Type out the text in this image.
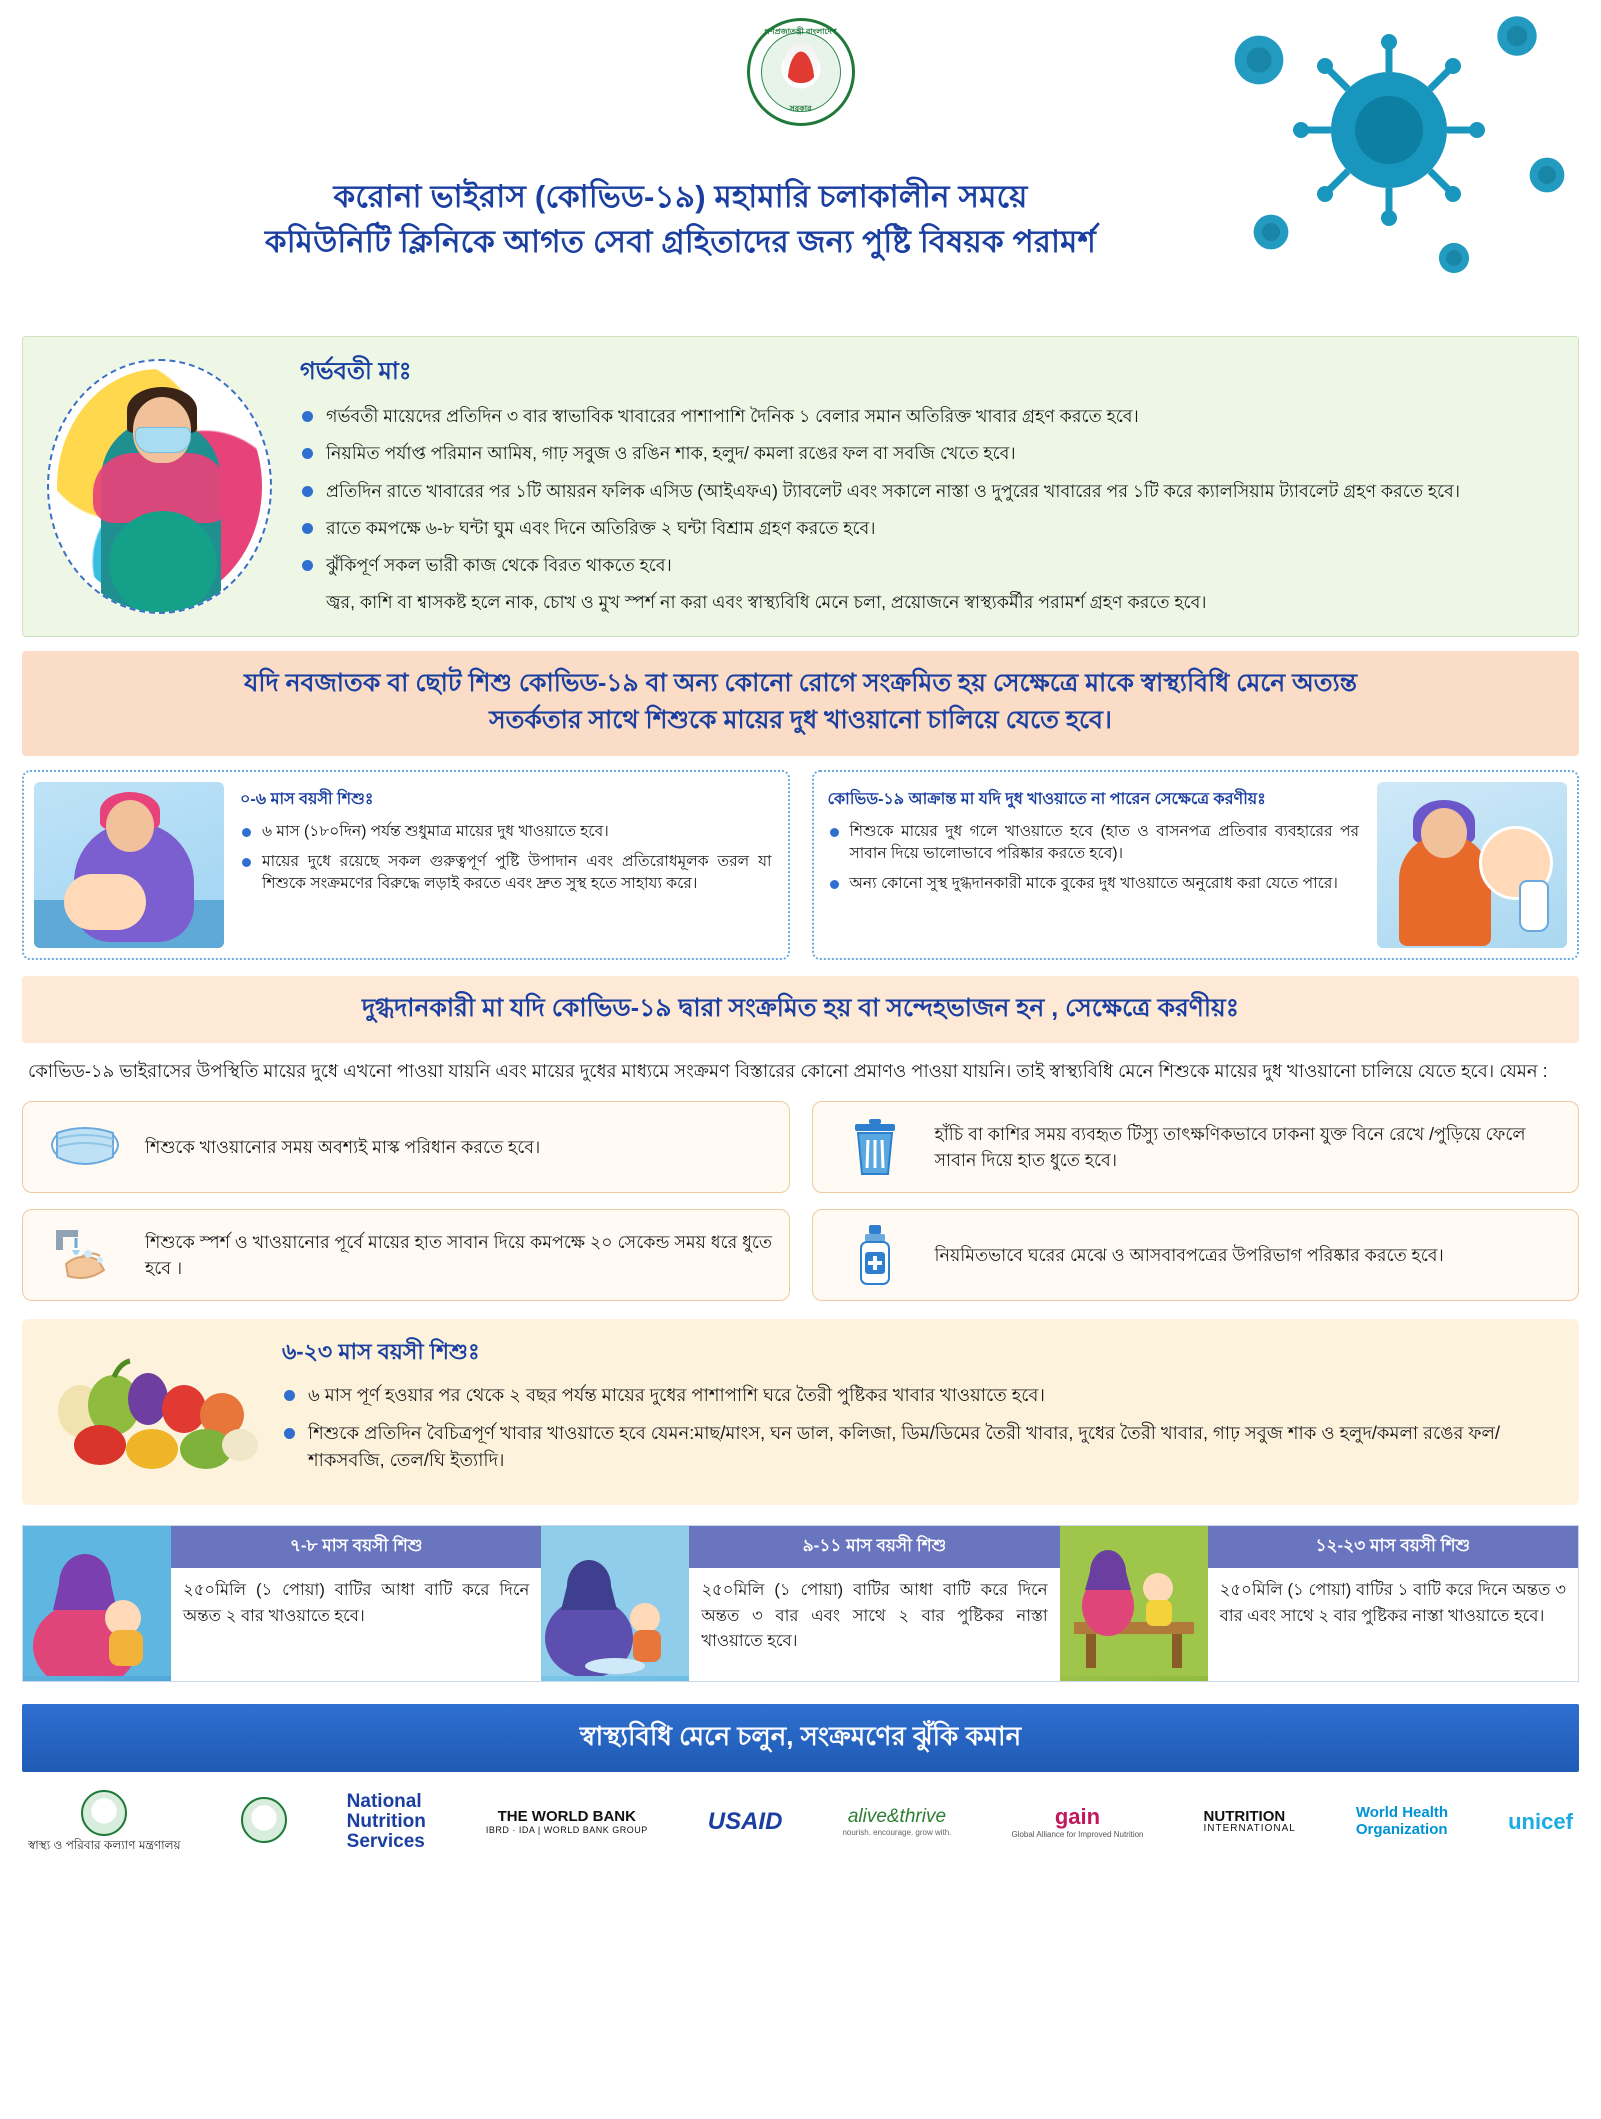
গণপ্রজাতন্ত্রী বাংলাদেশ
সরকার
করোনা ভাইরাস (কোভিড-১৯) মহামারি চলাকালীন সময়ে
কমিউনিটি ক্লিনিকে আগত সেবা গ্রহিতাদের জন্য পুষ্টি বিষয়ক পরামর্শ
গর্ভবতী মাঃ
গর্ভবতী মায়েদের প্রতিদিন ৩ বার স্বাভাবিক খাবারের পাশাপাশি দৈনিক ১ বেলার সমান অতিরিক্ত খাবার গ্রহণ করতে হবে।
নিয়মিত পর্যাপ্ত পরিমান আমিষ, গাঢ় সবুজ ও রঙিন শাক, হলুদ/ কমলা রঙের ফল বা সবজি খেতে হবে।
প্রতিদিন রাতে খাবারের পর ১টি আয়রন ফলিক এসিড (আইএফএ) ট্যাবলেট এবং সকালে নাস্তা ও দুপুরের খাবারের পর ১টি করে ক্যালসিয়াম ট্যাবলেট গ্রহণ করতে হবে।
রাতে কমপক্ষে ৬-৮ ঘন্টা ঘুম এবং দিনে অতিরিক্ত ২ ঘন্টা বিশ্রাম গ্রহণ করতে হবে।
ঝুঁকিপূর্ণ সকল ভারী কাজ থেকে বিরত থাকতে হবে।
জ্বর, কাশি বা শ্বাসকষ্ট হলে নাক, চোখ ও মুখ স্পর্শ না করা এবং স্বাস্থ্যবিধি মেনে চলা, প্রয়োজনে স্বাস্থ্যকর্মীর পরামর্শ গ্রহণ করতে হবে।
যদি নবজাতক বা ছোট শিশু কোভিড-১৯ বা অন্য কোনো রোগে সংক্রমিত হয় সেক্ষেত্রে মাকে স্বাস্থ্যবিধি মেনে অত্যন্ত
সতর্কতার সাথে শিশুকে মায়ের দুধ খাওয়ানো চালিয়ে যেতে হবে।
০-৬ মাস বয়সী শিশুঃ
৬ মাস (১৮০দিন) পর্যন্ত শুধুমাত্র মায়ের দুধ খাওয়াতে হবে।
মায়ের দুধে রয়েছে সকল গুরুত্বপূর্ণ পুষ্টি উপাদান এবং প্রতিরোধমূলক তরল যা শিশুকে সংক্রমণের বিরুদ্ধে লড়াই করতে এবং দ্রুত সুস্থ হতে সাহায্য করে।
কোভিড-১৯ আক্রান্ত মা যদি দুধ খাওয়াতে না পারেন সেক্ষেত্রে করণীয়ঃ
শিশুকে মায়ের দুধ গলে খাওয়াতে হবে (হাত ও বাসনপত্র প্রতিবার ব্যবহারের পর সাবান দিয়ে ভালোভাবে পরিষ্কার করতে হবে)।
অন্য কোনো সুস্থ দুগ্ধদানকারী মাকে বুকের দুধ খাওয়াতে অনুরোধ করা যেতে পারে।
দুগ্ধদানকারী মা যদি কোভিড-১৯ দ্বারা সংক্রমিত হয় বা সন্দেহভাজন হন , সেক্ষেত্রে করণীয়ঃ
কোভিড-১৯ ভাইরাসের উপস্থিতি মায়ের দুধে এখনো পাওয়া যায়নি এবং মায়ের দুধের মাধ্যমে সংক্রমণ বিস্তারের কোনো প্রমাণও পাওয়া যায়নি। তাই স্বাস্থ্যবিধি মেনে শিশুকে মায়ের দুধ খাওয়ানো চালিয়ে যেতে হবে। যেমন :
শিশুকে খাওয়ানোর সময় অবশ্যই মাস্ক পরিধান করতে হবে।
হাঁচি বা কাশির সময় ব্যবহৃত টিস্যু তাৎক্ষণিকভাবে ঢাকনা যুক্ত বিনে রেখে /পুড়িয়ে ফেলে সাবান দিয়ে হাত ধুতে হবে।
শিশুকে স্পর্শ ও খাওয়ানোর পূর্বে মায়ের হাত সাবান দিয়ে কমপক্ষে ২০ সেকেন্ড সময় ধরে ধুতে হবে ।
নিয়মিতভাবে ঘরের মেঝে ও আসবাবপত্রের উপরিভাগ পরিষ্কার করতে হবে।
৬-২৩ মাস বয়সী শিশুঃ
৬ মাস পূর্ণ হওয়ার পর থেকে ২ বছর পর্যন্ত মায়ের দুধের পাশাপাশি ঘরে তৈরী পুষ্টিকর খাবার খাওয়াতে হবে।
শিশুকে প্রতিদিন বৈচিত্রপূর্ণ খাবার খাওয়াতে হবে যেমন:মাছ/মাংস, ঘন ডাল, কলিজা, ডিম/ডিমের তৈরী খাবার, দুধের তৈরী খাবার, গাঢ় সবুজ শাক ও হলুদ/কমলা রঙের ফল/শাকসবজি, তেল/ঘি ইত্যাদি।
৭-৮ মাস বয়সী শিশু
২৫০মিলি (১ পোয়া) বাটির আধা বাটি করে দিনে অন্তত ২ বার খাওয়াতে হবে।
৯-১১ মাস বয়সী শিশু
২৫০মিলি (১ পোয়া) বাটির আধা বাটি করে দিনে অন্তত ৩ বার এবং সাথে ২ বার পুষ্টিকর নাস্তা খাওয়াতে হবে।
১২-২৩ মাস বয়সী শিশু
২৫০মিলি (১ পোয়া) বাটির ১ বাটি করে দিনে অন্তত ৩ বার এবং সাথে ২ বার পুষ্টিকর নাস্তা খাওয়াতে হবে।
স্বাস্থ্যবিধি মেনে চলুন, সংক্রমণের ঝুঁকি কমান
স্বাস্থ্য ও পরিবার কল্যাণ মন্ত্রণালয়
National
Nutrition
Services
THE WORLD BANK
IBRD · IDA | WORLD BANK GROUP	USAID	alive&thrive
nourish. encourage. grow with.
gain
Global Alliance for Improved Nutrition
NUTRITION
INTERNATIONAL
World Health
Organization	unicef
